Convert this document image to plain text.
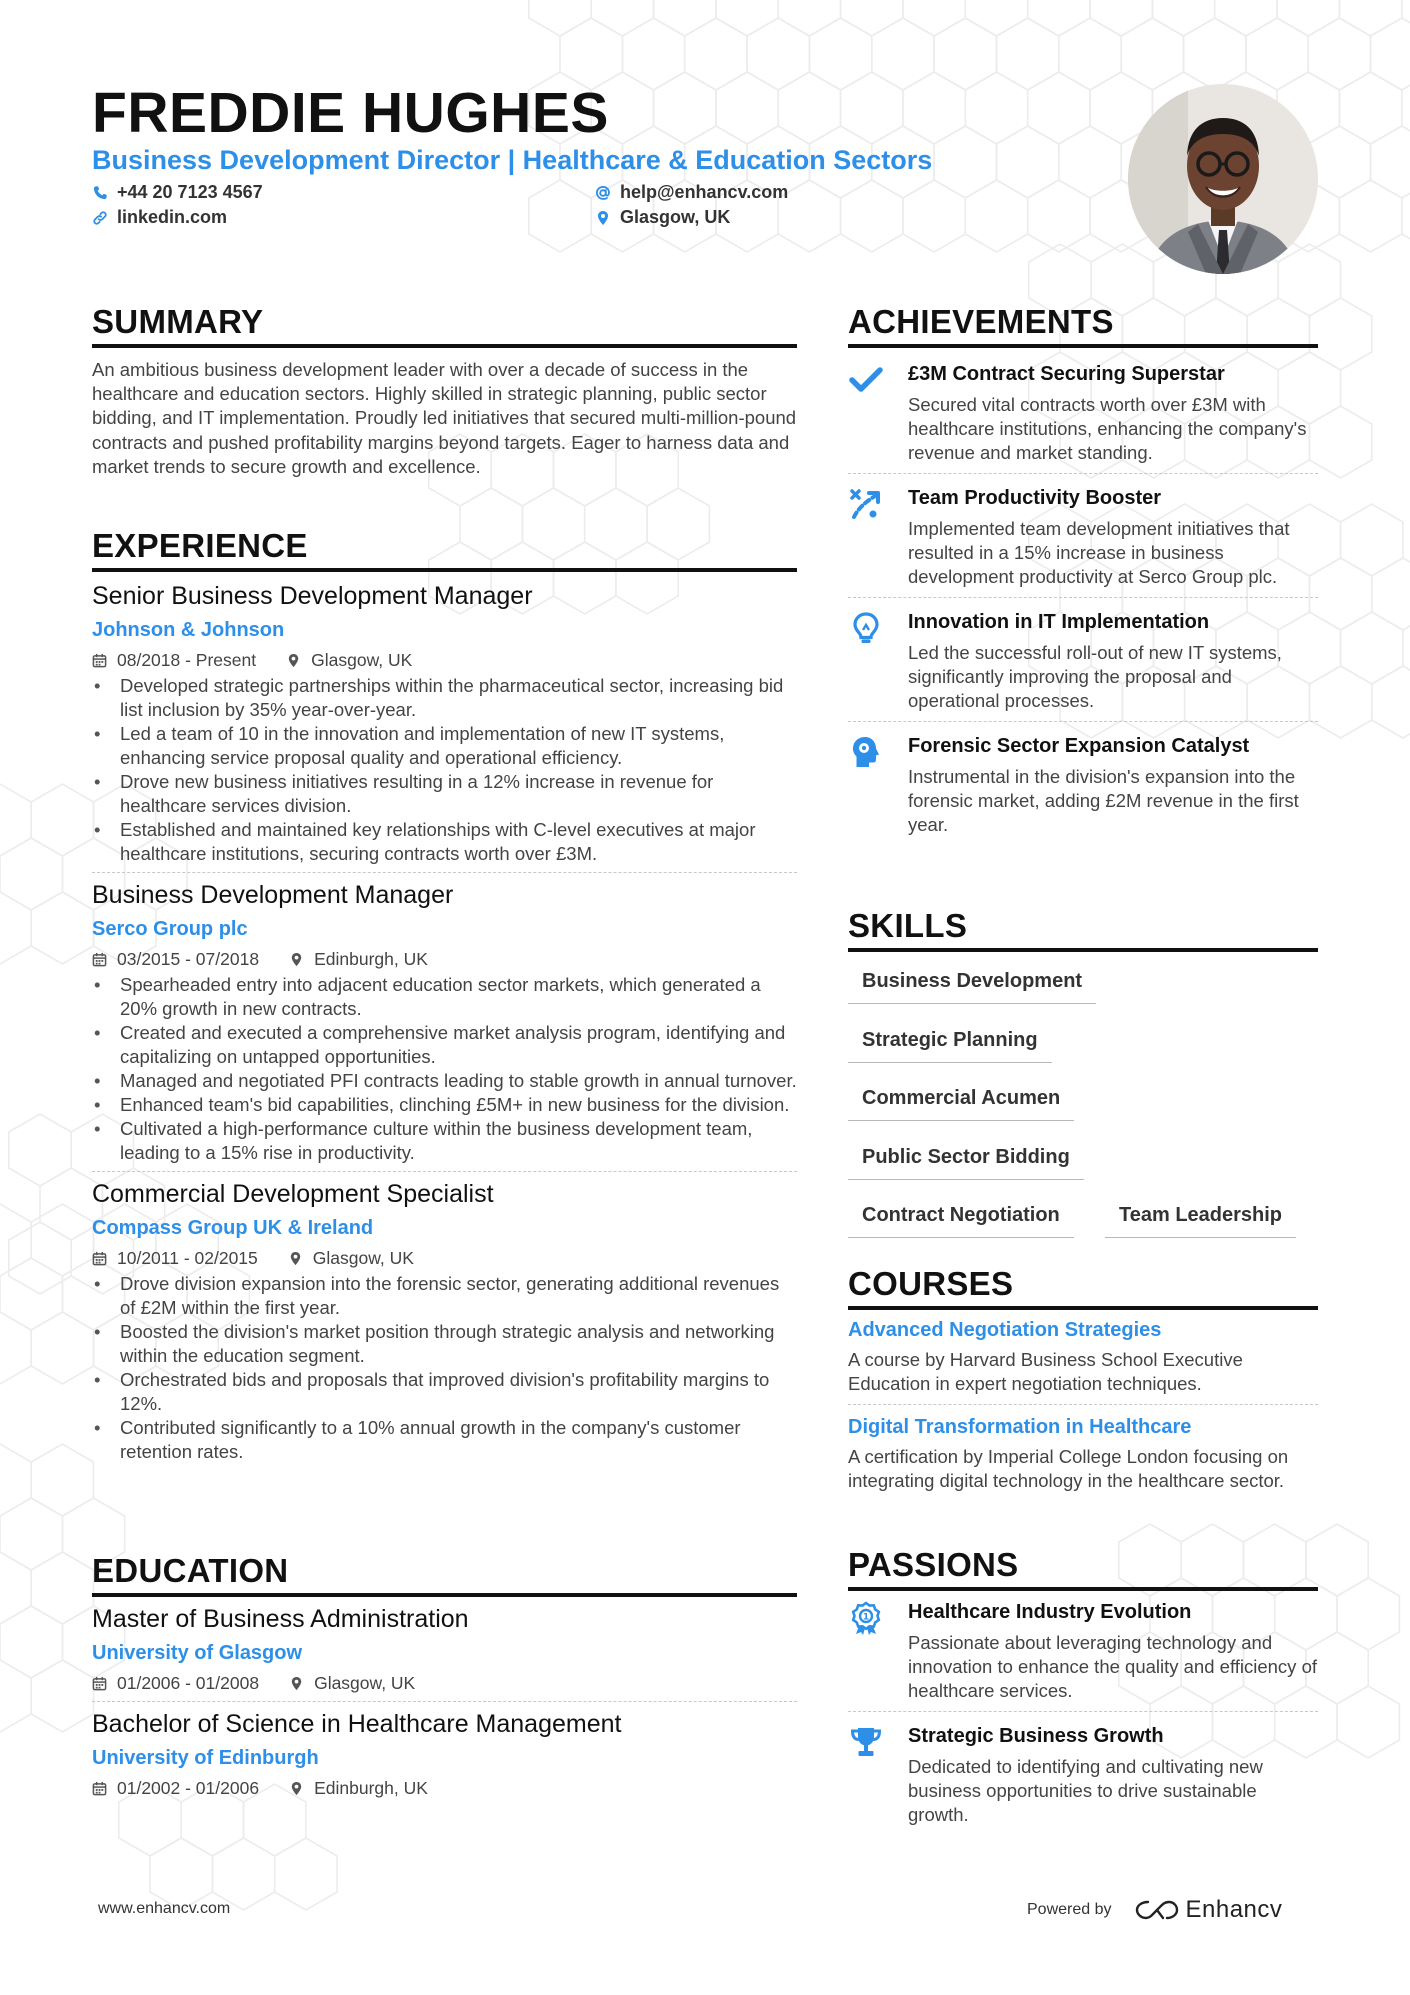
FREDDIE HUGHES
Business Development Director | Healthcare & Education Sectors
+44 20 7123 4567	help@enhancv.com
linkedin.com	Glasgow, UK
SUMMARY
An ambitious business development leader with over a decade of success in the healthcare and education sectors. Highly skilled in strategic planning, public sector bidding, and IT implementation. Proudly led initiatives that secured multi-million-pound contracts and pushed profitability margins beyond targets. Eager to harness data and market trends to secure growth and excellence.
EXPERIENCE
Senior Business Development Manager
Johnson & Johnson
08/2018 - Present	Glasgow, UK
• Developed strategic partnerships within the pharmaceutical sector, increasing bid list inclusion by 35% year-over-year.
• Led a team of 10 in the innovation and implementation of new IT systems, enhancing service proposal quality and operational efficiency.
• Drove new business initiatives resulting in a 12% increase in revenue for healthcare services division.
• Established and maintained key relationships with C-level executives at major healthcare institutions, securing contracts worth over £3M.
Business Development Manager
Serco Group plc
03/2015 - 07/2018	Edinburgh, UK
• Spearheaded entry into adjacent education sector markets, which generated a 20% growth in new contracts.
• Created and executed a comprehensive market analysis program, identifying and capitalizing on untapped opportunities.
• Managed and negotiated PFI contracts leading to stable growth in annual turnover.
• Enhanced team's bid capabilities, clinching £5M+ in new business for the division.
• Cultivated a high-performance culture within the business development team, leading to a 15% rise in productivity.
Commercial Development Specialist
Compass Group UK & Ireland
10/2011 - 02/2015	Glasgow, UK
• Drove division expansion into the forensic sector, generating additional revenues of £2M within the first year.
• Boosted the division's market position through strategic analysis and networking within the education segment.
• Orchestrated bids and proposals that improved division's profitability margins to 12%.
• Contributed significantly to a 10% annual growth in the company's customer retention rates.
EDUCATION
Master of Business Administration
University of Glasgow
01/2006 - 01/2008	Glasgow, UK
Bachelor of Science in Healthcare Management
University of Edinburgh
01/2002 - 01/2006	Edinburgh, UK
ACHIEVEMENTS
£3M Contract Securing Superstar
Secured vital contracts worth over £3M with healthcare institutions, enhancing the company's revenue and market standing.
Team Productivity Booster
Implemented team development initiatives that resulted in a 15% increase in business development productivity at Serco Group plc.
Innovation in IT Implementation
Led the successful roll-out of new IT systems, significantly improving the proposal and operational processes.
Forensic Sector Expansion Catalyst
Instrumental in the division's expansion into the forensic market, adding £2M revenue in the first year.
SKILLS
Business Development
Strategic Planning
Commercial Acumen
Public Sector Bidding
Contract Negotiation	Team Leadership
COURSES
Advanced Negotiation Strategies
A course by Harvard Business School Executive Education in expert negotiation techniques.
Digital Transformation in Healthcare
A certification by Imperial College London focusing on integrating digital technology in the healthcare sector.
PASSIONS
1 Healthcare Industry Evolution
Passionate about leveraging technology and innovation to enhance the quality and efficiency of healthcare services.
Strategic Business Growth
Dedicated to identifying and cultivating new business opportunities to drive sustainable growth.
www.enhancv.com	Powered by	Enhancv
